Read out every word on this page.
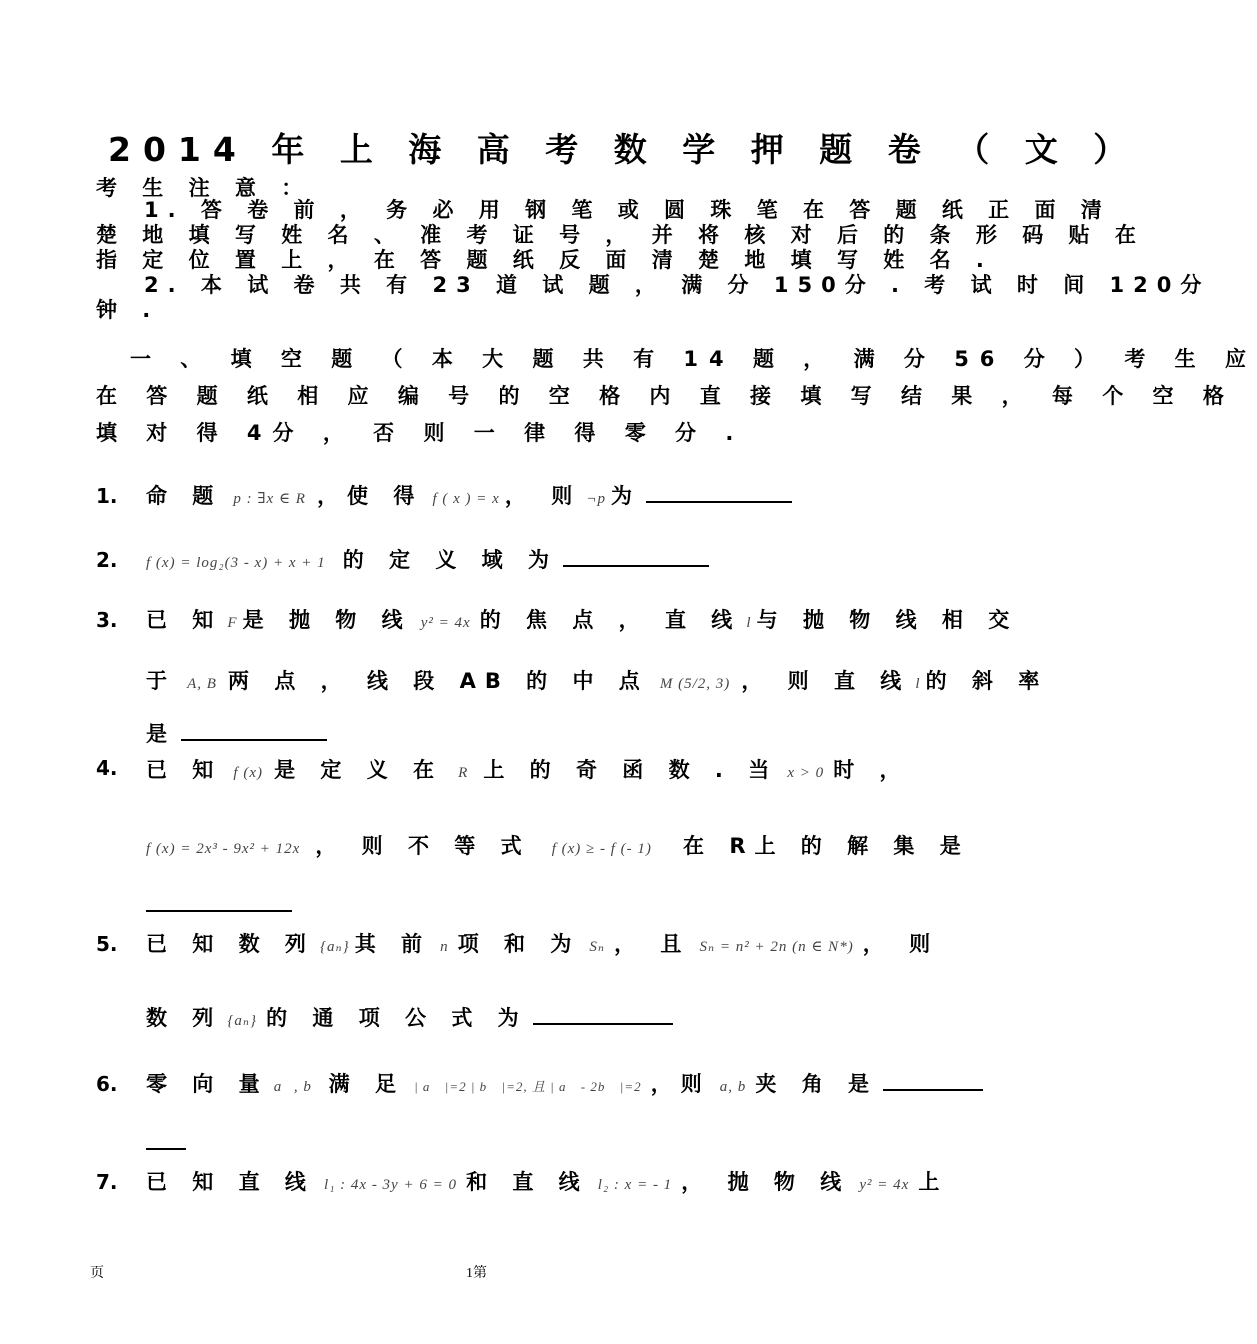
2014 年 上 海 高 考 数 学 押 题 卷 （ 文 ）
考 生 注 意 ：
1. 答 卷 前 ， 务 必 用 钢 笔 或 圆 珠 笔 在 答 题 纸 正 面 清
楚 地 填 写 姓 名 、 准 考 证 号 ， 并 将 核 对 后 的 条 形 码 贴 在
指 定 位 置 上 ， 在 答 题 纸 反 面 清 楚 地 填 写 姓 名 .
2. 本 试 卷 共 有 23 道 试 题 ， 满 分 150分 . 考 试 时 间 120分
钟 .
一 、 填 空 题 （ 本 大 题 共 有 14 题 ， 满 分 56 分 ） 考 生 应
在 答 题 纸 相 应 编 号 的 空 格 内 直 接 填 写 结 果 ， 每 个 空 格
填 对 得 4分 ， 否 则 一 律 得 零 分 .
1. 命 题 p : ∃x ∈ R ，使 得 f ( x ) = x ， 则 ¬p 为
2. f (x) = log₂(3 - x) + x + 1 的 定 义 域 为
3. 已 知 F 是 抛 物 线 y² = 4x 的 焦 点 ， 直 线 l 与 抛 物 线 相 交
于 A, B 两 点 ， 线 段 AB 的 中 点 M (5/2, 3) ， 则 直 线 l 的 斜 率
是
4. 已 知 f (x) 是 定 义 在 R 上 的 奇 函 数 . 当 x > 0 时 ，
f (x) = 2x³ - 9x² + 12x ， 则 不 等 式 f (x) ≥ - f (- 1) 在 R上 的 解 集 是
5. 已 知 数 列 {aₙ} 其 前 n 项 和 为 Sₙ ， 且 Sₙ = n² + 2n (n ∈ N*) ， 则
数 列 {aₙ} 的 通 项 公 式 为
6. 零 向 量 a⃗, b⃗ 满 足 | a⃗ |=2 | b⃗ |=2, 且 | a⃗ - 2b⃗ |=2 ，则 a, b 夹 角 是
7. 已 知 直 线 l₁ : 4x - 3y + 6 = 0 和 直 线 l₂ : x = - 1 ， 抛 物 线 y² = 4x 上
页	1第
